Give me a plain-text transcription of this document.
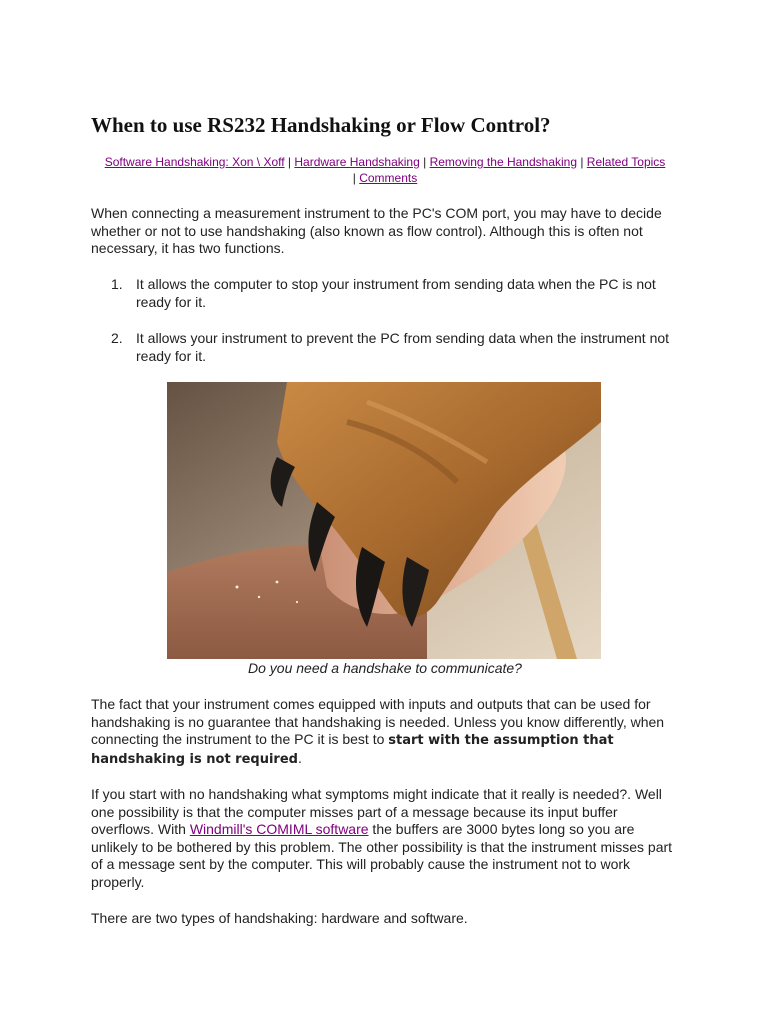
When to use RS232 Handshaking or Flow Control?
Software Handshaking: Xon \ Xoff | Hardware Handshaking | Removing the Handshaking | Related Topics
| Comments

When connecting a measurement instrument to the PC's COM port, you may have to decide whether or not to use handshaking (also known as flow control). Although this is often not necessary, it has two functions.

1. It allows the computer to stop your instrument from sending data when the PC is not ready for it.
2. It allows your instrument to prevent the PC from sending data when the instrument not ready for it.
Do you need a handshake to communicate?

The fact that your instrument comes equipped with inputs and outputs that can be used for handshaking is no guarantee that handshaking is needed. Unless you know differently, when connecting the instrument to the PC it is best to start with the assumption that handshaking is not required.

If you start with no handshaking what symptoms might indicate that it really is needed?. Well one possibility is that the computer misses part of a message because its input buffer overflows. With Windmill's COMIML software the buffers are 3000 bytes long so you are unlikely to be bothered by this problem. The other possibility is that the instrument misses part of a message sent by the computer. This will probably cause the instrument not to work properly.

There are two types of handshaking: hardware and software.
